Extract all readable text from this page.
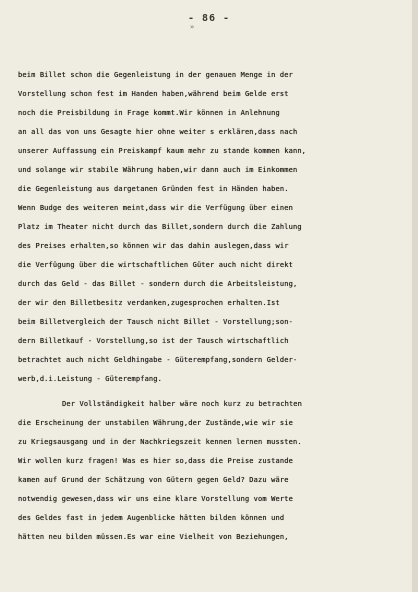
- 86 -
»
beim Billet schon die Gegenleistung in der genauen Menge in der
Vorstellung schon fest im Handen haben,während beim Gelde erst
noch die Preisbildung in Frage kommt.Wir können in Anlehnung
an all das von uns Gesagte hier ohne weiter s erklären,dass nach
unserer Auffassung ein Preiskampf kaum mehr zu stande kommen kann,
und solange wir stabile Währung haben,wir dann auch im Einkommen
die Gegenleistung aus dargetanen Gründen fest in Händen haben.
Wenn Budge des weiteren meint,dass wir die Verfügung über einen
Platz im Theater nicht durch das Billet,sondern durch die Zahlung
des Preises erhalten,so können wir das dahin auslegen,dass wir
die Verfügung über die wirtschaftlichen Güter auch nicht direkt
durch das Geld - das Billet - sondern durch die Arbeitsleistung,
der wir den Billetbesitz verdanken,zugesprochen erhalten.Ist
beim Billetvergleich der Tausch nicht Billet - Vorstellung;son-
dern Billetkauf - Vorstellung,so ist der Tausch wirtschaftlich
betrachtet auch nicht Geldhingabe - Güterempfang,sondern Gelder-
werb,d.i.Leistung - Güterempfang.
Der Vollständigkeit halber wäre noch kurz zu betrachten
die Erscheinung der unstabilen Währung,der Zustände,wie wir sie
zu Kriegsausgang und in der Nachkriegszeit kennen lernen mussten.
Wir wollen kurz fragen! Was es hier so,dass die Preise zustande
kamen auf Grund der Schätzung von Gütern gegen Geld? Dazu wäre
notwendig gewesen,dass wir uns eine klare Vorstellung vom Werte
des Geldes fast in jedem Augenblicke hätten bilden können und
hätten neu bilden müssen.Es war eine Vielheit von Beziehungen,
